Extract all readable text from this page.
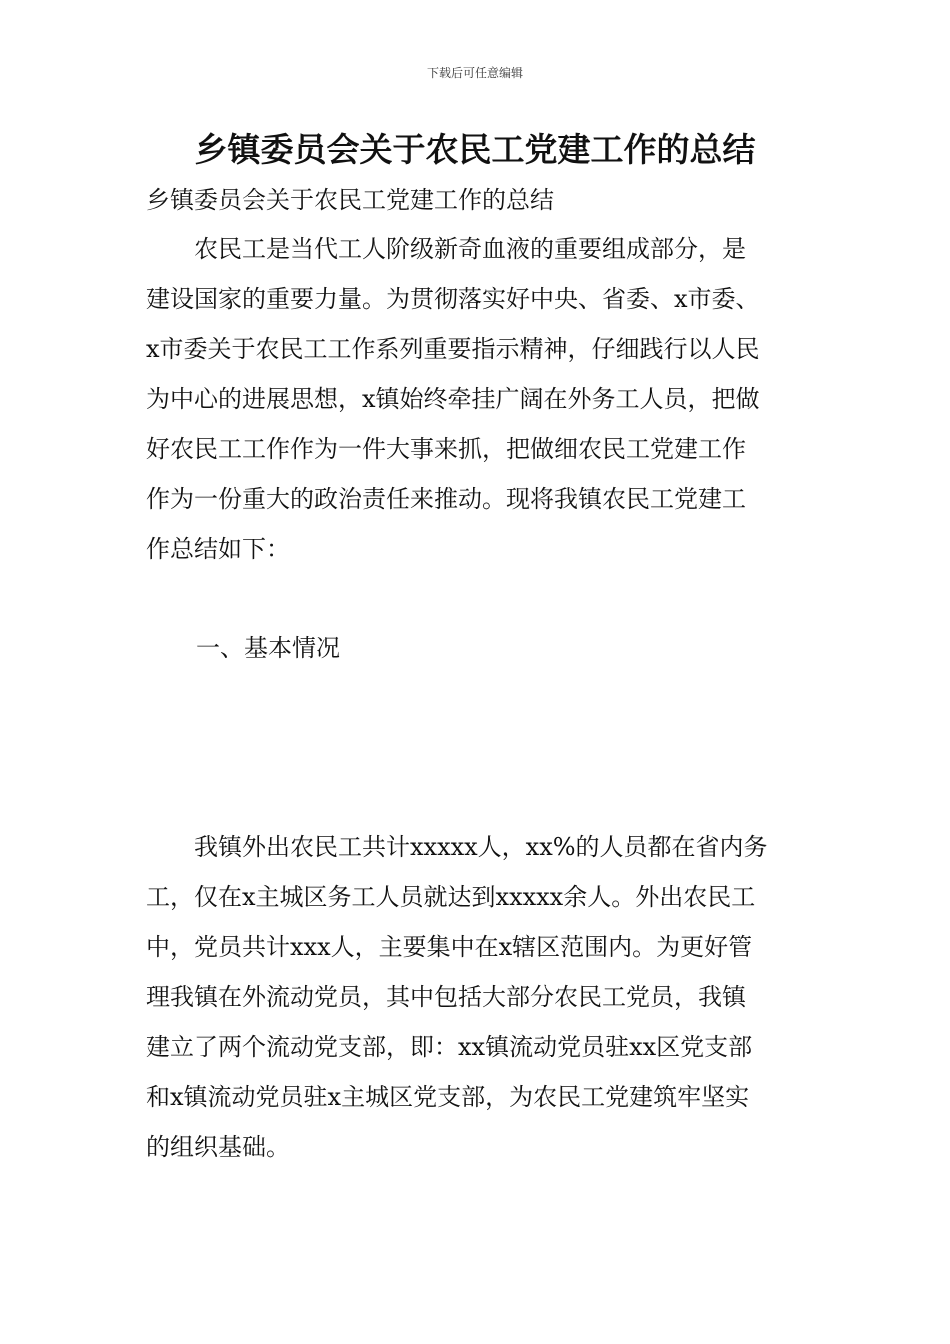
下载后可任意编辑
乡镇委员会关于农民工党建工作的总结
乡镇委员会关于农民工党建工作的总结

　　农民工是当代工人阶级新奇血液的重要组成部分，是
建设国家的重要力量。为贯彻落实好中央、省委、x市委、
x市委关于农民工工作系列重要指示精神，仔细践行以人民
为中心的进展思想，x镇始终牵挂广阔在外务工人员，把做
好农民工工作作为一件大事来抓，把做细农民工党建工作
作为一份重大的政治责任来推动。现将我镇农民工党建工
作总结如下：

一、基本情况

　　我镇外出农民工共计xxxxx人，xx%的人员都在省内务
工，仅在x主城区务工人员就达到xxxxx余人。外出农民工
中，党员共计xxx人，主要集中在x辖区范围内。为更好管
理我镇在外流动党员，其中包括大部分农民工党员，我镇
建立了两个流动党支部，即：xx镇流动党员驻xx区党支部
和x镇流动党员驻x主城区党支部，为农民工党建筑牢坚实
的组织基础。
